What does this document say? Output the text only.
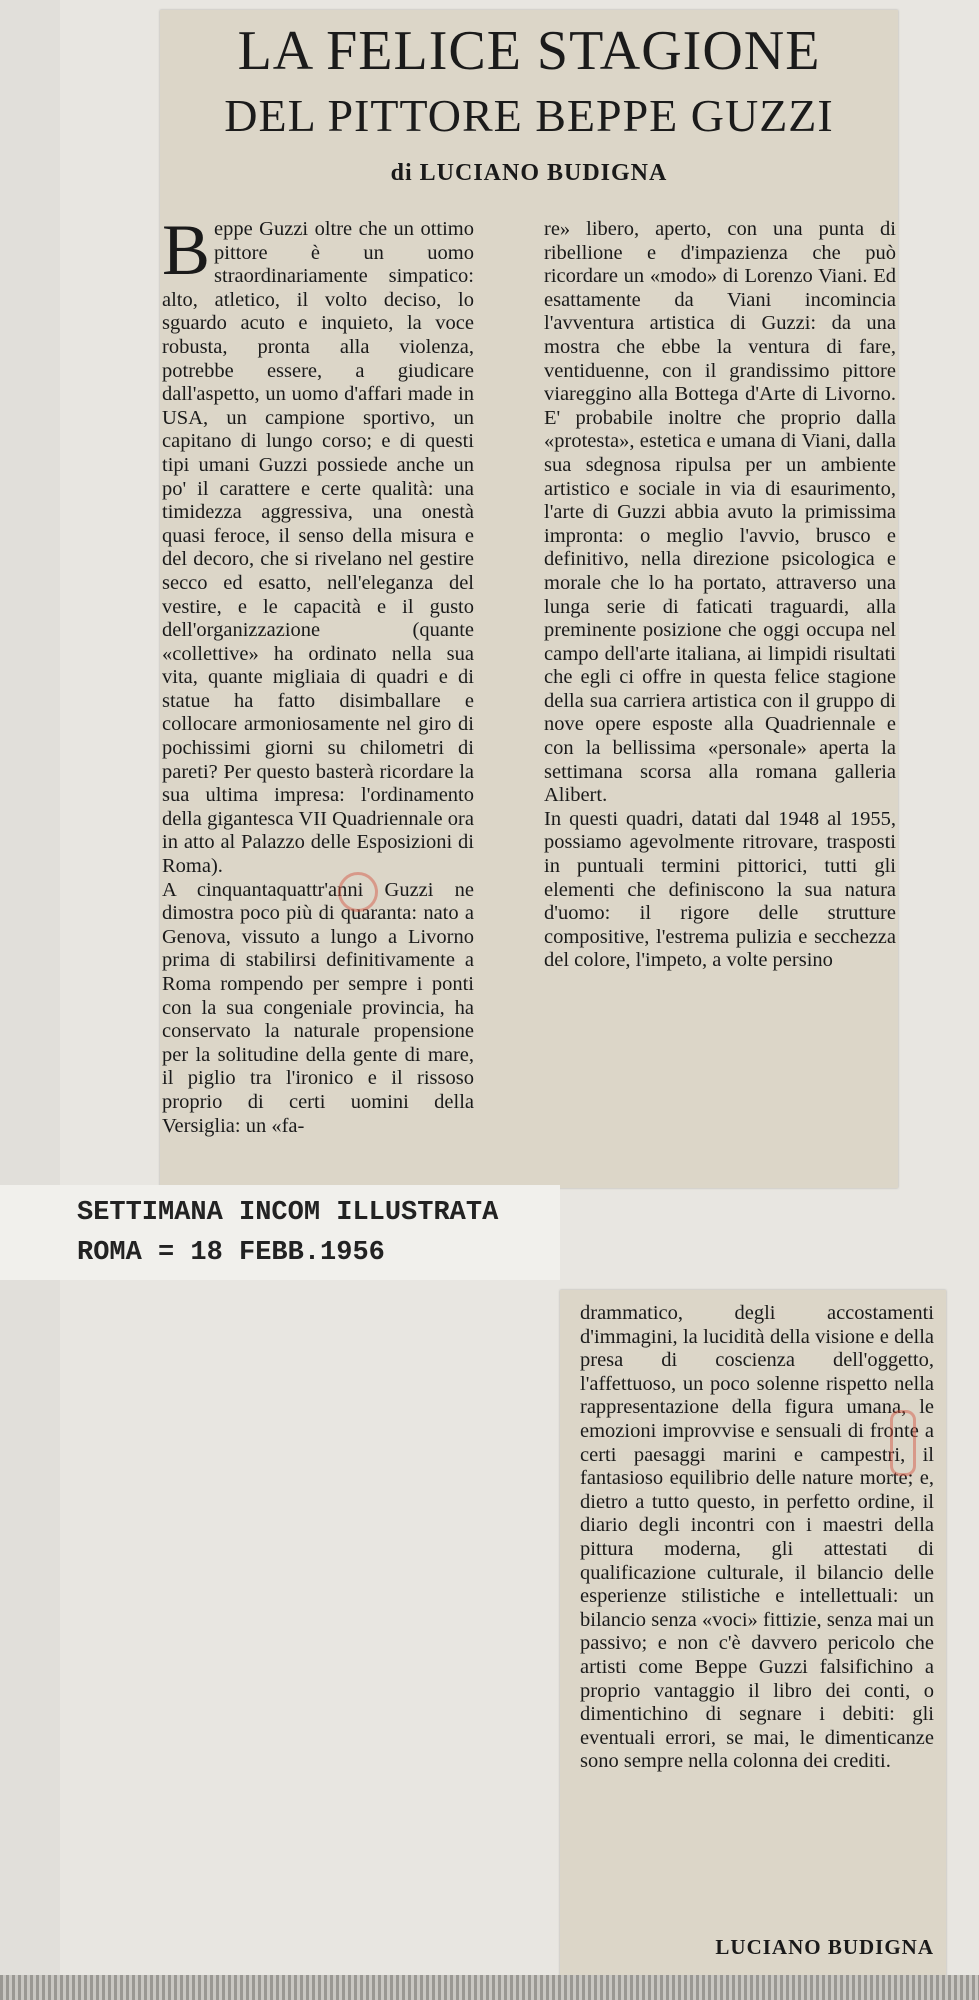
LA FELICE STAGIONE
DEL PITTORE BEPPE GUZZI
di LUCIANO BUDIGNA
Beppe Guzzi oltre che un ottimo pittore è un uomo straordinariamente simpatico: alto, atletico, il volto deciso, lo sguardo acuto e inquieto, la voce robusta, pronta alla violenza, potrebbe essere, a giudicare dall'aspetto, un uomo d'affari made in USA, un campione sportivo, un capitano di lungo corso; e di questi tipi umani Guzzi possiede anche un po' il carattere e certe qualità: una timidezza aggressiva, una onestà quasi feroce, il senso della misura e del decoro, che si rivelano nel gestire secco ed esatto, nell'eleganza del vestire, e le capacità e il gusto dell'organizzazione (quante «collettive» ha ordinato nella sua vita, quante migliaia di quadri e di statue ha fatto disimballare e collocare armoniosamente nel giro di pochissimi giorni su chilometri di pareti? Per questo basterà ricordare la sua ultima impresa: l'ordinamento della gigantesca VII Quadriennale ora in atto al Palazzo delle Esposizioni di Roma).
A cinquantaquattr'anni Guzzi ne dimostra poco più di quaranta: nato a Genova, vissuto a lungo a Livorno prima di stabilirsi definitivamente a Roma rompendo per sempre i ponti con la sua congeniale provincia, ha conservato la naturale propensione per la solitudine della gente di mare, il piglio tra l'ironico e il rissoso proprio di certi uomini della Versiglia: un «fa-
re» libero, aperto, con una punta di ribellione e d'impazienza che può ricordare un «modo» di Lorenzo Viani. Ed esattamente da Viani incomincia l'avventura artistica di Guzzi: da una mostra che ebbe la ventura di fare, ventiduenne, con il grandissimo pittore viareggino alla Bottega d'Arte di Livorno. E' probabile inoltre che proprio dalla «protesta», estetica e umana di Viani, dalla sua sdegnosa ripulsa per un ambiente artistico e sociale in via di esaurimento, l'arte di Guzzi abbia avuto la primissima impronta: o meglio l'avvio, brusco e definitivo, nella direzione psicologica e morale che lo ha portato, attraverso una lunga serie di faticati traguardi, alla preminente posizione che oggi occupa nel campo dell'arte italiana, ai limpidi risultati che egli ci offre in questa felice stagione della sua carriera artistica con il gruppo di nove opere esposte alla Quadriennale e con la bellissima «personale» aperta la settimana scorsa alla romana galleria Alibert.
In questi quadri, datati dal 1948 al 1955, possiamo agevolmente ritrovare, trasposti in puntuali termini pittorici, tutti gli elementi che definiscono la sua natura d'uomo: il rigore delle strutture compositive, l'estrema pulizia e secchezza del colore, l'impeto, a volte persino
SETTIMANA INCOM ILLUSTRATA
ROMA = 18 FEBB.1956
drammatico, degli accostamenti d'immagini, la lucidità della visione e della presa di coscienza dell'oggetto, l'affettuoso, un poco solenne rispetto nella rappresentazione della figura umana, le emozioni improvvise e sensuali di fronte a certi paesaggi marini e campestri, il fantasioso equilibrio delle nature morte; e, dietro a tutto questo, in perfetto ordine, il diario degli incontri con i maestri della pittura moderna, gli attestati di qualificazione culturale, il bilancio delle esperienze stilistiche e intellettuali: un bilancio senza «voci» fittizie, senza mai un passivo; e non c'è davvero pericolo che artisti come Beppe Guzzi falsifichino a proprio vantaggio il libro dei conti, o dimentichino di segnare i debiti: gli eventuali errori, se mai, le dimenticanze sono sempre nella colonna dei crediti.
LUCIANO BUDIGNA
